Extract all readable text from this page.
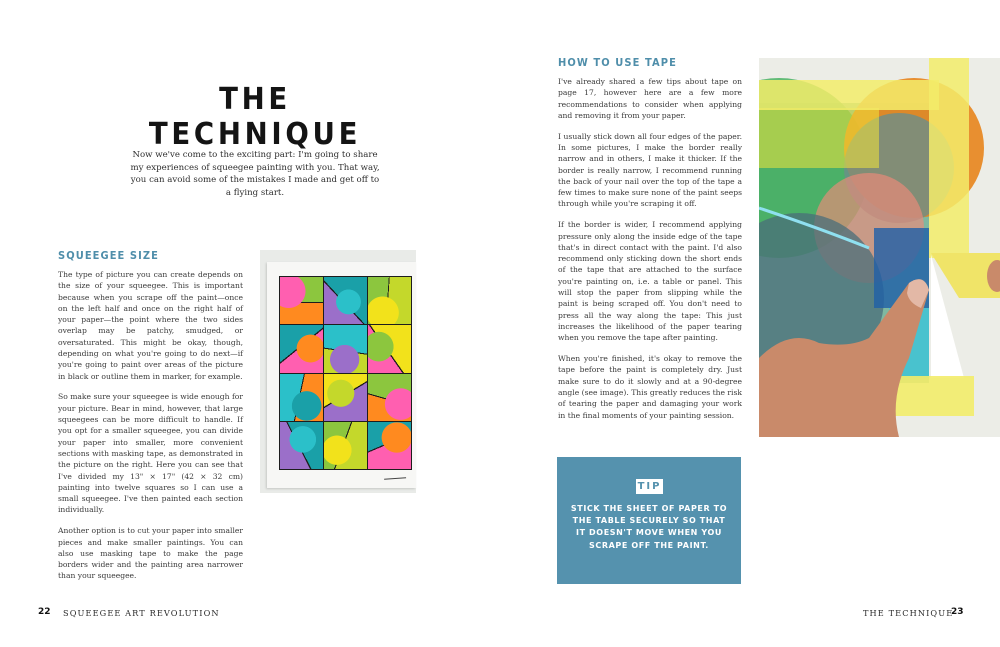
THE TECHNIQUE
Now we've come to the exciting part: I'm going to share my experiences of squeegee painting with you. That way, you can avoid some of the mistakes I made and get off to a flying start.
SQUEEGEE SIZE

The type of picture you can create depends on the size of your squeegee. This is important because when you scrape off the paint—once on the left half and once on the right half of your paper—the point where the two sides overlap may be patchy, smudged, or oversaturated. This might be okay, though, depending on what you're going to do next—if you're going to paint over areas of the picture in black or outline them in marker, for example.

So make sure your squeegee is wide enough for your picture. Bear in mind, however, that large squeegees can be more difficult to handle. If you opt for a smaller squeegee, you can divide your paper into smaller, more convenient sections with masking tape, as demonstrated in the picture on the right. Here you can see that I've divided my 13" × 17" (42 × 32 cm) painting into twelve squares so I can use a small squeegee. I've then painted each section individually.

Another option is to cut your paper into smaller pieces and make smaller paintings. You can also use masking tape to make the page borders wider and the painting area narrower than your squeegee.

22 SQUEEGEE ART REVOLUTION
HOW TO USE TAPE

I've already shared a few tips about tape on page 17, however here are a few more recommendations to consider when applying and removing it from your paper.

I usually stick down all four edges of the paper. In some pictures, I make the border really narrow and in others, I make it thicker. If the border is really narrow, I recommend running the back of your nail over the top of the tape a few times to make sure none of the paint seeps through while you're scraping it off.

If the border is wider, I recommend applying pressure only along the inside edge of the tape that's in direct contact with the paint. I'd also recommend only sticking down the short ends of the tape that are attached to the surface you're painting on, i.e. a table or panel. This will stop the paper from slipping while the paint is being scraped off. You don't need to press all the way along the tape: This just increases the likelihood of the paper tearing when you remove the tape after painting.

When you're finished, it's okay to remove the tape before the paint is completely dry. Just make sure to do it slowly and at a 90-degree angle (see image). This greatly reduces the risk of tearing the paper and damaging your work in the final moments of your painting session.

TIP
STICK THE SHEET OF PAPER TO THE TABLE SECURELY SO THAT IT DOESN'T MOVE WHEN YOU SCRAPE OFF THE PAINT.
THE TECHNIQUE
23
